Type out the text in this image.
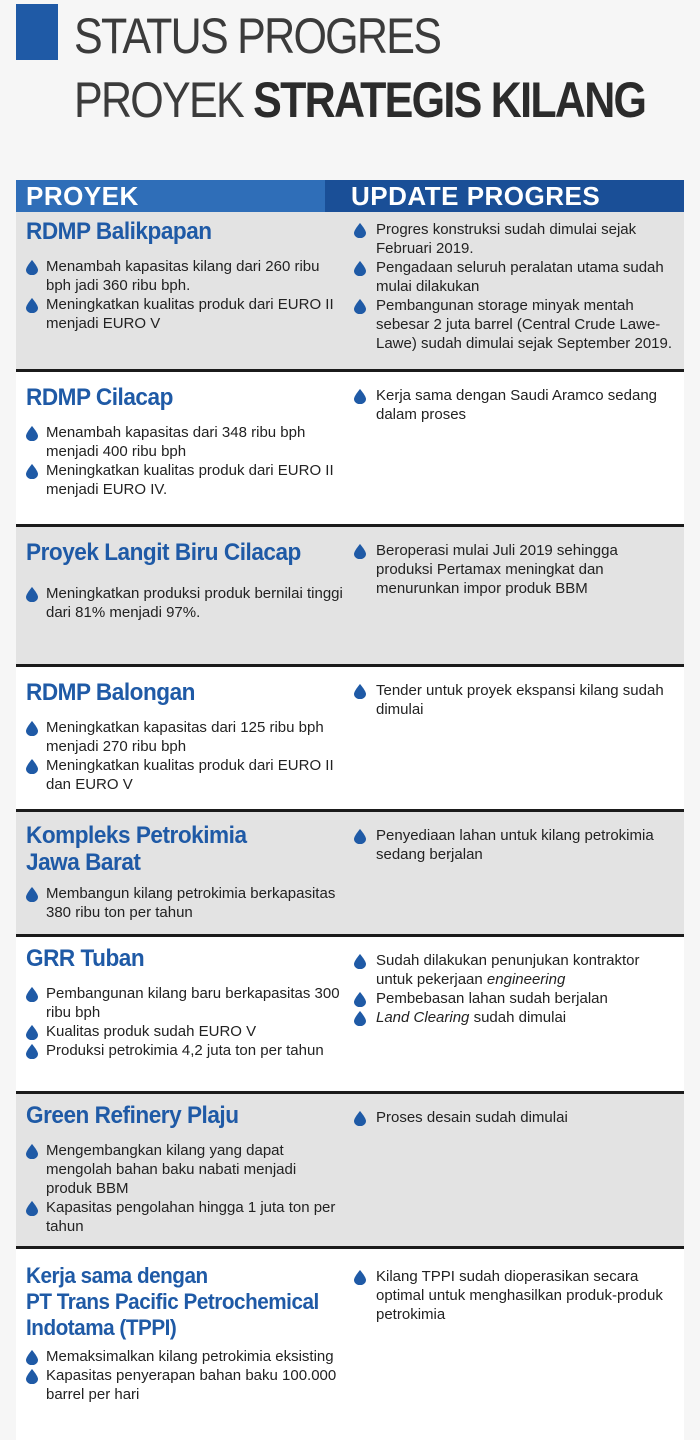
STATUS PROGRES
PROYEK STRATEGIS KILANG
PROYEK	UPDATE PROGRES
RDMP Balikpapan
Menambah kapasitas kilang dari 260 ribu bph jadi 360 ribu bph.
Meningkatkan kualitas produk dari EURO II menjadi EURO V
Progres konstruksi sudah dimulai sejak Februari 2019.
Pengadaan seluruh peralatan utama sudah mulai dilakukan
Pembangunan storage minyak mentah sebesar 2 juta barrel (Central Crude Lawe-Lawe) sudah dimulai sejak September 2019.
RDMP Cilacap
Menambah kapasitas dari 348 ribu bph menjadi 400 ribu bph
Meningkatkan kualitas produk dari EURO II menjadi EURO IV.
Kerja sama dengan Saudi Aramco sedang dalam proses
Proyek Langit Biru Cilacap
Meningkatkan produksi produk bernilai tinggi dari 81% menjadi 97%.
Beroperasi mulai Juli 2019 sehingga produksi Pertamax meningkat dan menurunkan impor produk BBM
RDMP Balongan
Meningkatkan kapasitas dari 125 ribu bph menjadi 270 ribu bph
Meningkatkan kualitas produk dari EURO II dan EURO V
Tender untuk proyek ekspansi kilang sudah dimulai
Kompleks Petrokimia
Jawa Barat
Membangun kilang petrokimia berkapasitas 380 ribu ton per tahun
Penyediaan lahan untuk kilang petrokimia sedang berjalan
GRR Tuban
Pembangunan kilang baru berkapasitas 300 ribu bph
Kualitas produk sudah EURO V
Produksi petrokimia 4,2 juta ton per tahun
Sudah dilakukan penunjukan kontraktor untuk pekerjaan engineering
Pembebasan lahan sudah berjalan
Land Clearing sudah dimulai
Green Refinery Plaju
Mengembangkan kilang yang dapat mengolah bahan baku nabati menjadi produk BBM
Kapasitas pengolahan hingga 1 juta ton per tahun
Proses desain sudah dimulai
Kerja sama dengan
PT Trans Pacific Petrochemical
Indotama (TPPI)
Memaksimalkan kilang petrokimia eksisting
Kapasitas penyerapan bahan baku 100.000 barrel per hari
Kilang TPPI sudah dioperasikan secara optimal untuk menghasilkan produk-produk petrokimia
